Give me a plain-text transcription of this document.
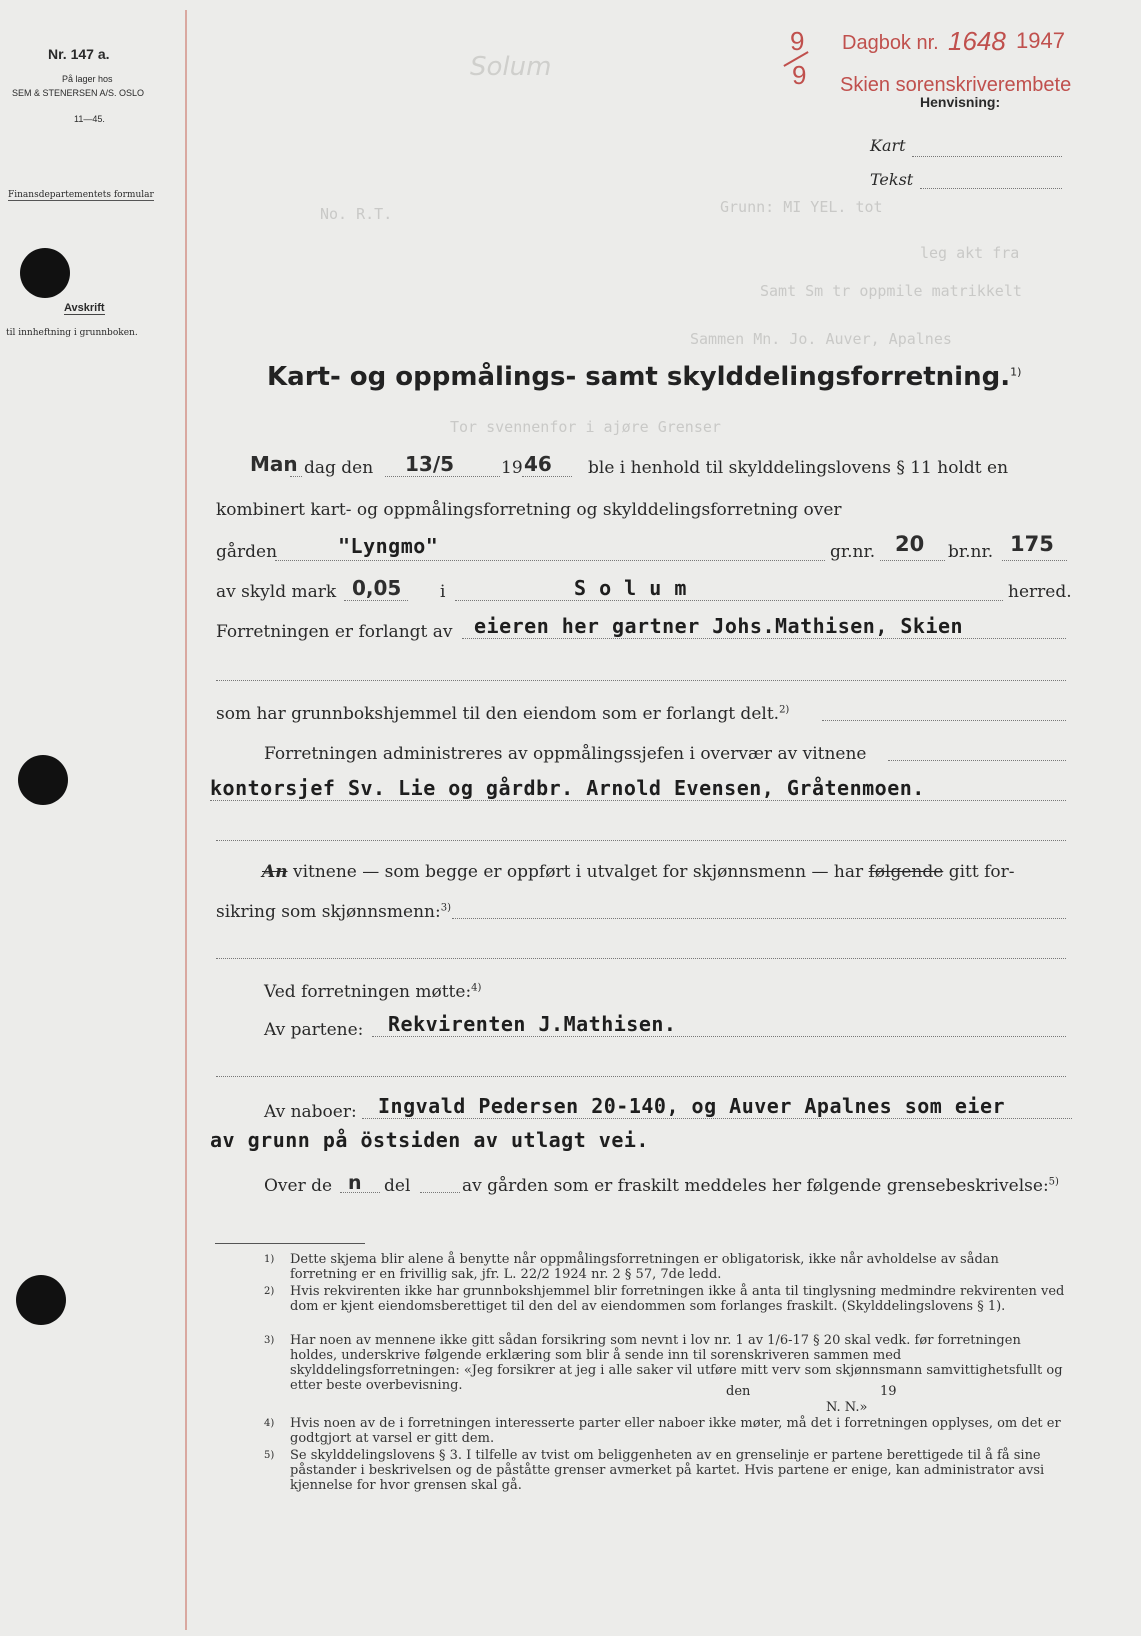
Nr. 147 a.
På lager hos
SEM & STENERSEN A/S. OSLO
11—45.
Finansdepartementets formular
Avskrift
til innheftning i grunnboken.
Solum
9
9
Dagbok nr. 1648 1947
Skien sorenskriverembete
Henvisning:
Kart
Tekst
No. R.T.	Grunn: MI YEL. tot
leg akt fra
Samt Sm tr oppmile matrikkelt
Sammen Mn. Jo. Auver, Apalnes
Tor svennenfor i ajøre Grenser
Kart- og oppmålings- samt skylddelingsforretning.$^{1)}$
Man dag den 13/5	19 46 ble i henhold til skylddelingslovens § 11 holdt en
kombinert kart- og oppmålingsforretning og skylddelingsforretning over
gården	"Lyngmo"	gr.nr. 20 br.nr. 175
av skyld mark 0,05 i	S o l u m	herred.
Forretningen er forlangt av eieren her gartner Johs.Mathisen, Skien
som har grunnbokshjemmel til den eiendom som er forlangt delt.$^{2)}$
Forretningen administreres av oppmålingssjefen i overvær av vitnene
kontorsjef Sv. Lie og gårdbr. Arnold Evensen, Gråtenmoen.
An vitnene — som begge er oppført i utvalget for skjønnsmenn — har følgende gitt for-
sikring som skjønnsmenn:$^{3)}$
Ved forretningen møtte:$^{4)}$
Av partene: Rekvirenten J.Mathisen.
Av naboer: Ingvald Pedersen 20-140, og Auver Apalnes som eier
av grunn på östsiden av utlagt vei.
Over de n del	av gården som er fraskilt meddeles her følgende grensebeskrivelse:$^{5)}$
1) Dette skjema blir alene å benytte når oppmålingsforretningen er obligatorisk, ikke når avholdelse av sådan forretning er en frivillig sak, jfr. L. 22/2 1924 nr. 2 § 57, 7de ledd.
2) Hvis rekvirenten ikke har grunnbokshjemmel blir forretningen ikke å anta til tinglysning medmindre rekvirenten ved dom er kjent eiendomsberettiget til den del av eiendommen som forlanges fraskilt. (Skylddelingslovens § 1).
3) Har noen av mennene ikke gitt sådan forsikring som nevnt i lov nr. 1 av 1/6-17 § 20 skal vedk. før forretningen holdes, underskrive følgende erklæring som blir å sende inn til sorenskriveren sammen med skylddelingsforretningen: «Jeg forsikrer at jeg i alle saker vil utføre mitt verv som skjønnsmann samvittighetsfullt og etter beste overbevisning.	den	19
N. N.»
4) Hvis noen av de i forretningen interesserte parter eller naboer ikke møter, må det i forretningen opplyses, om det er godtgjort at varsel er gitt dem.
5) Se skylddelingslovens § 3. I tilfelle av tvist om beliggenheten av en grenselinje er partene berettigede til å få sine påstander i beskrivelsen og de påståtte grenser avmerket på kartet. Hvis partene er enige, kan administrator avsi kjennelse for hvor grensen skal gå.
